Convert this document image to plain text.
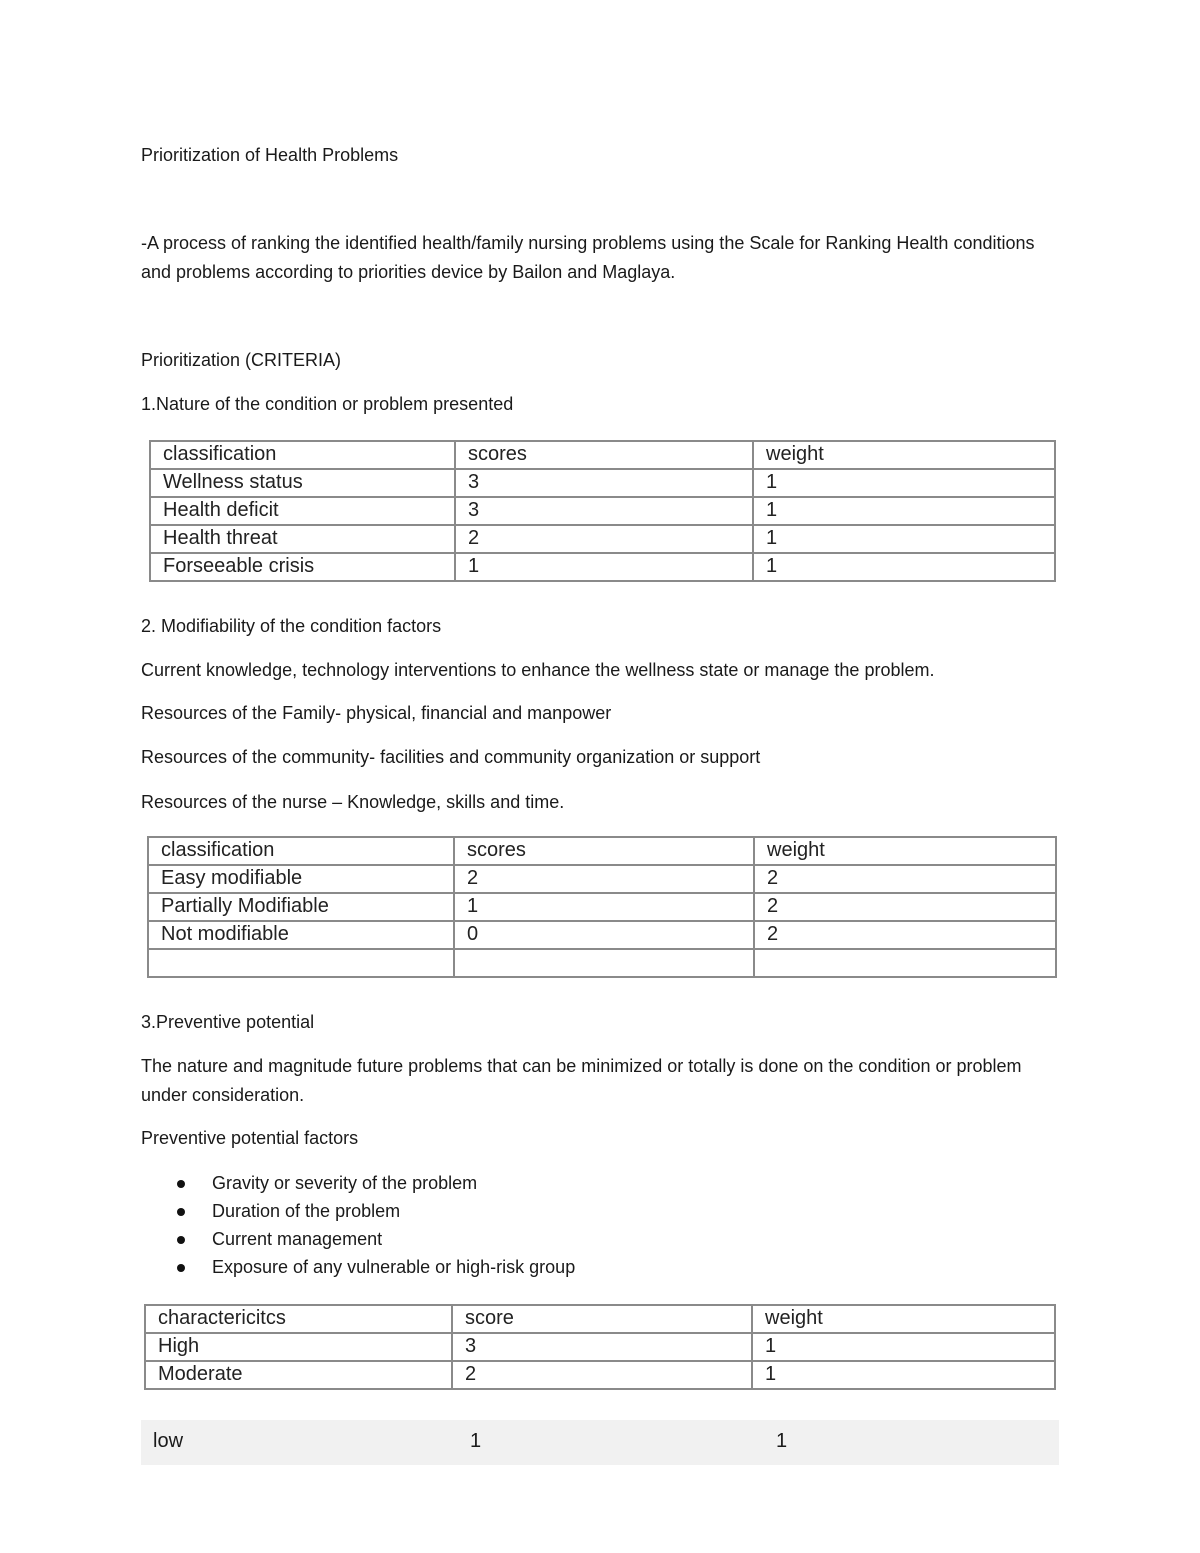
Prioritization of Health Problems
-A process of ranking the identified health/family nursing problems using the Scale for Ranking Health conditions and problems according to priorities device by Bailon and Maglaya.
Prioritization (CRITERIA)
1.Nature of the condition or problem presented
classification	scores	weight
Wellness status	3	1
Health deficit	3	1
Health threat	2	1
Forseeable crisis	1	1
2. Modifiability of the condition factors
Current knowledge, technology interventions to enhance the wellness state or manage the problem.
Resources of the Family- physical, financial and manpower
Resources of the community- facilities and community organization or support
Resources of the nurse – Knowledge, skills and time.
classification	scores	weight
Easy modifiable	2	2
Partially Modifiable	1	2
Not modifiable	0	2

3.Preventive potential
The nature and magnitude future problems that can be minimized or totally is done on the condition or problem under consideration.
Preventive potential factors
Gravity or severity of the problem
Duration of the problem
Current management
Exposure of any vulnerable or high-risk group
charactericitcs	score	weight
High	3	1
Moderate	2	1
low	1	1
